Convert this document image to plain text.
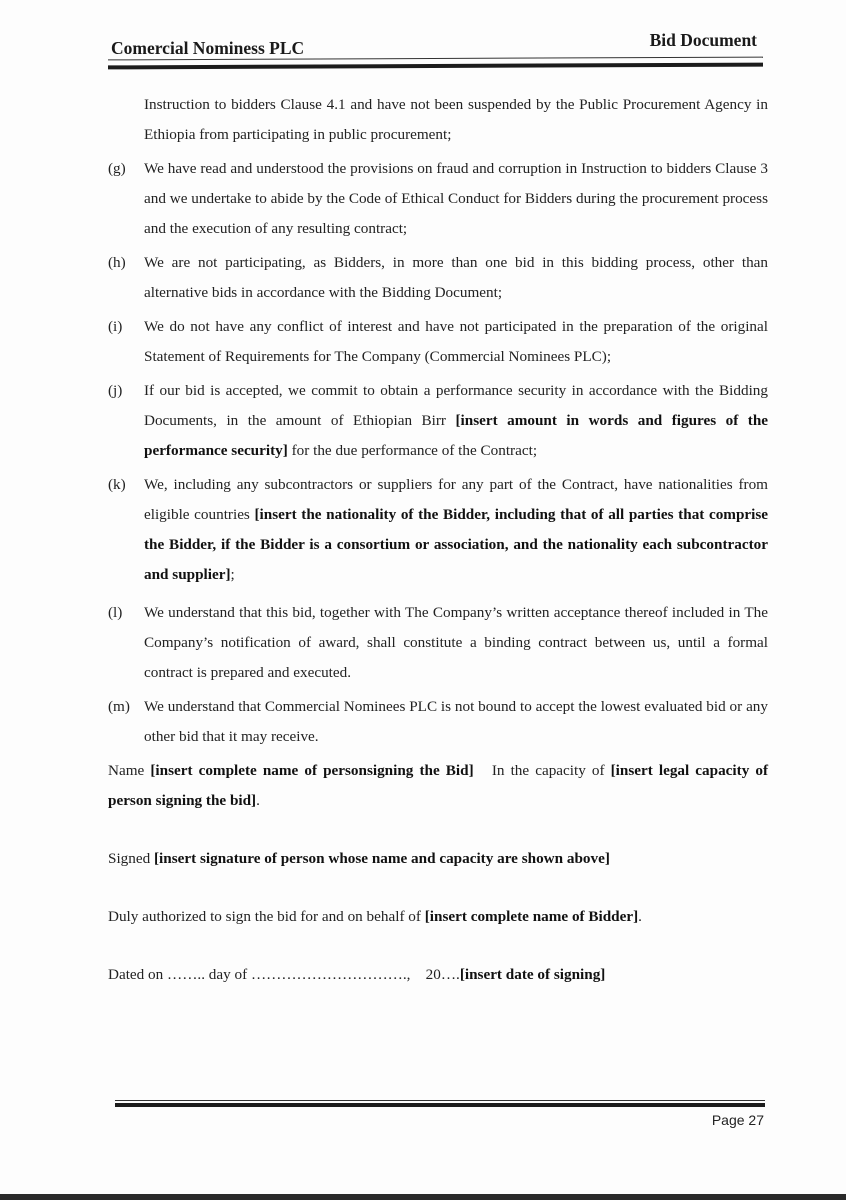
Comercial Nominess PLC	Bid Document

Instruction to bidders Clause 4.1 and have not been suspended by the Public Procurement Agency in Ethiopia from participating in public procurement;

(g) We have read and understood the provisions on fraud and corruption in Instruction to bidders Clause 3 and we undertake to abide by the Code of Ethical Conduct for Bidders during the procurement process and the execution of any resulting contract;

(h) We are not participating, as Bidders, in more than one bid in this bidding process, other than alternative bids in accordance with the Bidding Document;

(i) We do not have any conflict of interest and have not participated in the preparation of the original Statement of Requirements for The Company (Commercial Nominees PLC);

(j) If our bid is accepted, we commit to obtain a performance security in accordance with the Bidding Documents, in the amount of Ethiopian Birr [insert amount in words and figures of the performance security] for the due performance of the Contract;

(k) We, including any subcontractors or suppliers for any part of the Contract, have nationalities from eligible countries [insert the nationality of the Bidder, including that of all parties that comprise the Bidder, if the Bidder is a consortium or association, and the nationality each subcontractor and supplier];

(l) We understand that this bid, together with The Company’s written acceptance thereof included in The Company’s notification of award, shall constitute a binding contract between us, until a formal contract is prepared and executed.

(m) We understand that Commercial Nominees PLC is not bound to accept the lowest evaluated bid or any other bid that it may receive.

Name [insert complete name of personsigning the Bid]   In the capacity of [insert legal capacity of person signing the bid].

Signed [insert signature of person whose name and capacity are shown above]

Duly authorized to sign the bid for and on behalf of [insert complete name of Bidder].

Dated on …….. day of ………………………….,    20….[insert date of signing]

Page 27
